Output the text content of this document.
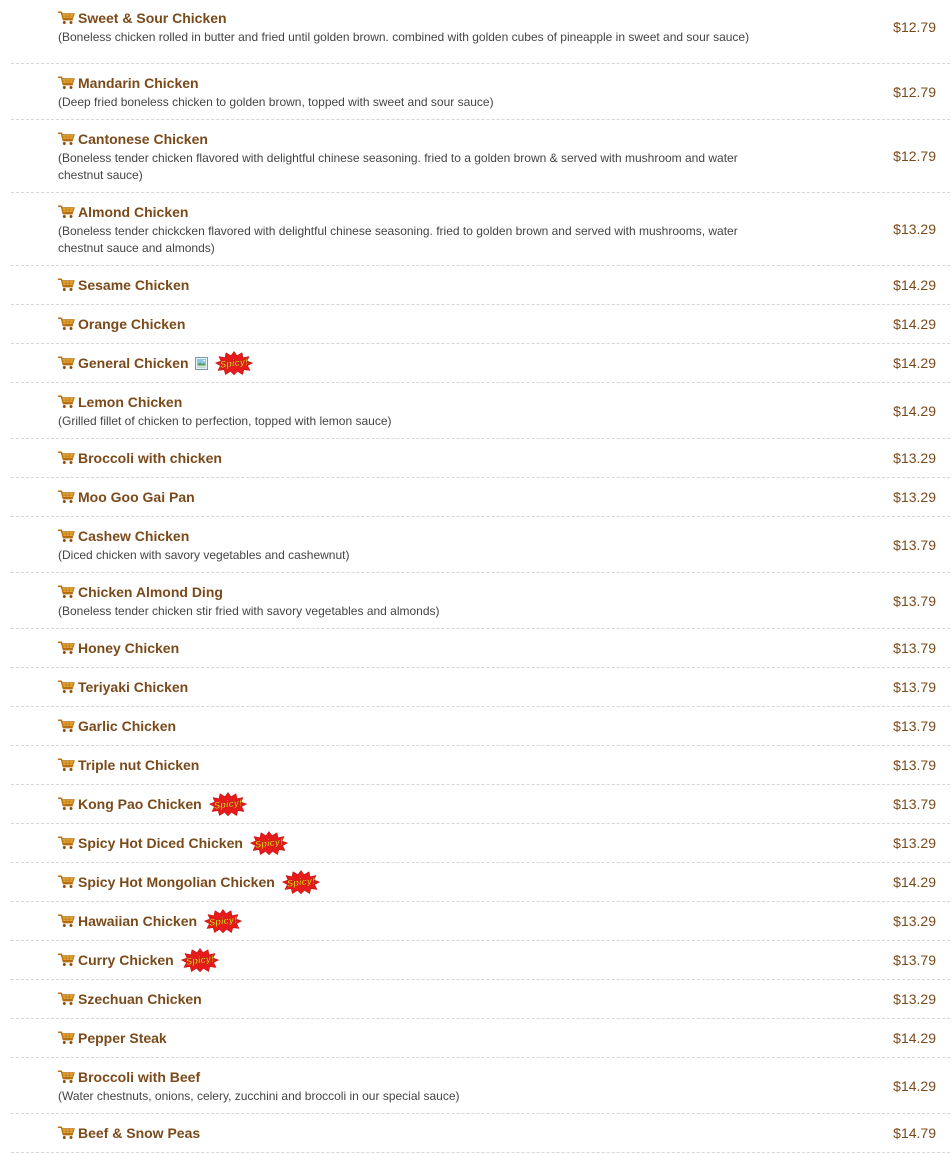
Sweet & Sour Chicken
(Boneless chicken rolled in butter and fried until golden brown. combined with golden cubes of pineapple in sweet and sour sauce)
$12.79
Mandarin Chicken
(Deep fried boneless chicken to golden brown, topped with sweet and sour sauce)
$12.79
Cantonese Chicken
(Boneless tender chicken flavored with delightful chinese seasoning. fried to a golden brown & served with mushroom and water chestnut sauce)
$12.79
Almond Chicken
(Boneless tender chickcken flavored with delightful chinese seasoning. fried to golden brown and served with mushrooms, water chestnut sauce and almonds)
$13.29
Sesame Chicken	$14.29
Orange Chicken	$14.29
General Chicken	Spicy!	$14.29
Lemon Chicken
(Grilled fillet of chicken to perfection, topped with lemon sauce)
$14.29
Broccoli with chicken	$13.29
Moo Goo Gai Pan	$13.29
Cashew Chicken
(Diced chicken with savory vegetables and cashewnut)
$13.79
Chicken Almond Ding
(Boneless tender chicken stir fried with savory vegetables and almonds)
$13.79
Honey Chicken	$13.79
Teriyaki Chicken	$13.79
Garlic Chicken	$13.79
Triple nut Chicken	$13.79
Kong Pao Chicken Spicy!	$13.79
Spicy Hot Diced Chicken Spicy!	$13.29
Spicy Hot Mongolian Chicken Spicy!	$14.29
Hawaiian Chicken Spicy!	$13.29
Curry Chicken Spicy!	$13.79
Szechuan Chicken	$13.29
Pepper Steak	$14.29
Broccoli with Beef
(Water chestnuts, onions, celery, zucchini and broccoli in our special sauce)
$14.29
Beef & Snow Peas	$14.79
